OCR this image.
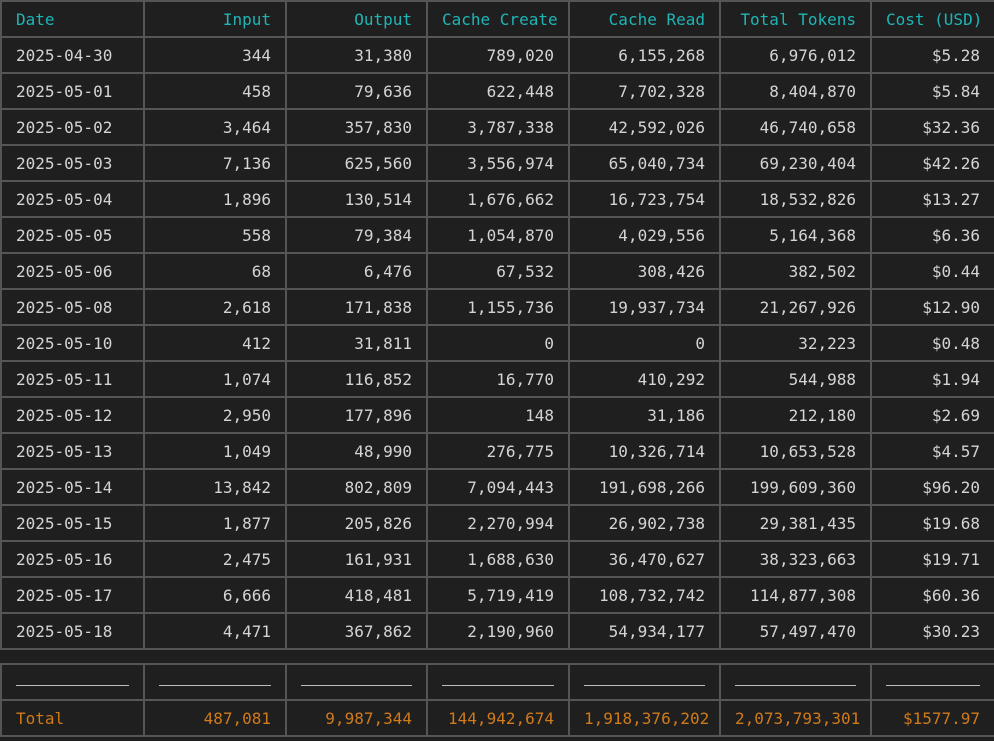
Date	Input	Output	Cache Create	Cache Read	Total Tokens	Cost (USD)
2025-04-30	344	31,380	789,020	6,155,268	6,976,012	$5.28
2025-05-01	458	79,636	622,448	7,702,328	8,404,870	$5.84
2025-05-02	3,464	357,830	3,787,338	42,592,026	46,740,658	$32.36
2025-05-03	7,136	625,560	3,556,974	65,040,734	69,230,404	$42.26
2025-05-04	1,896	130,514	1,676,662	16,723,754	18,532,826	$13.27
2025-05-05	558	79,384	1,054,870	4,029,556	5,164,368	$6.36
2025-05-06	68	6,476	67,532	308,426	382,502	$0.44
2025-05-08	2,618	171,838	1,155,736	19,937,734	21,267,926	$12.90
2025-05-10	412	31,811	0	0	32,223	$0.48
2025-05-11	1,074	116,852	16,770	410,292	544,988	$1.94
2025-05-12	2,950	177,896	148	31,186	212,180	$2.69
2025-05-13	1,049	48,990	276,775	10,326,714	10,653,528	$4.57
2025-05-14	13,842	802,809	7,094,443	191,698,266	199,609,360	$96.20
2025-05-15	1,877	205,826	2,270,994	26,902,738	29,381,435	$19.68
2025-05-16	2,475	161,931	1,688,630	36,470,627	38,323,663	$19.71
2025-05-17	6,666	418,481	5,719,419	108,732,742	114,877,308	$60.36
2025-05-18	4,471	367,862	2,190,960	54,934,177	57,497,470	$30.23

Total	487,081	9,987,344	144,942,674	1,918,376,202	2,073,793,301	$1577.97
